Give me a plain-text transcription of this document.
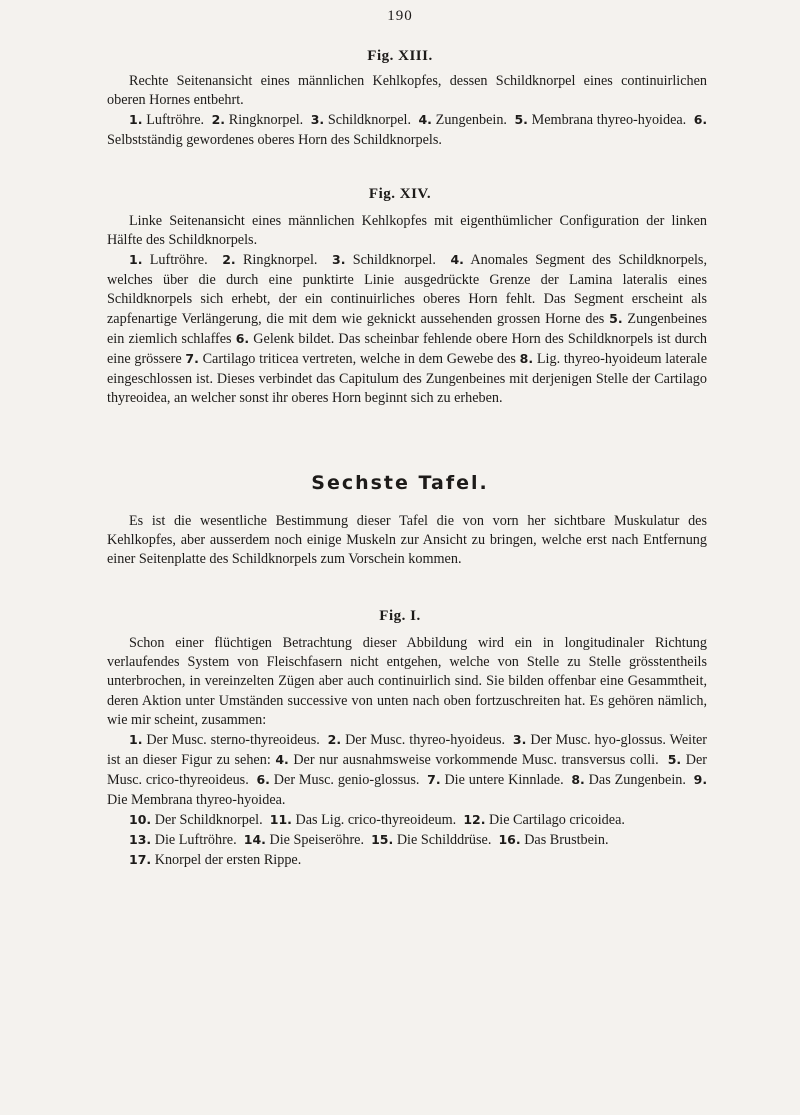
190
Fig. XIII.

Rechte Seitenansicht eines männlichen Kehlkopfes, dessen Schildknorpel eines continuirlichen oberen Hornes entbehrt.

1. Luftröhre. 2. Ringknorpel. 3. Schildknorpel. 4. Zungenbein. 5. Membrana thyreo-hyoidea. 6. Selbstständig gewordenes oberes Horn des Schildknorpels.

Fig. XIV.

Linke Seitenansicht eines männlichen Kehlkopfes mit eigenthümlicher Configuration der linken Hälfte des Schildknorpels.

1. Luftröhre. 2. Ringknorpel. 3. Schildknorpel. 4. Anomales Segment des Schildknorpels, welches über die durch eine punktirte Linie ausgedrückte Grenze der Lamina lateralis eines Schildknorpels sich erhebt, der ein continuirliches oberes Horn fehlt. Das Segment erscheint als zapfenartige Verlängerung, die mit dem wie geknickt aussehenden grossen Horne des 5. Zungenbeines ein ziemlich schlaffes 6. Gelenk bildet. Das scheinbar fehlende obere Horn des Schildknorpels ist durch eine grössere 7. Cartilago triticea vertreten, welche in dem Gewebe des 8. Lig. thyreo-hyoideum laterale eingeschlossen ist. Dieses verbindet das Capitulum des Zungenbeines mit derjenigen Stelle der Cartilago thyreoidea, an welcher sonst ihr oberes Horn beginnt sich zu erheben.

Sechste Tafel.

Es ist die wesentliche Bestimmung dieser Tafel die von vorn her sichtbare Muskulatur des Kehlkopfes, aber ausserdem noch einige Muskeln zur Ansicht zu bringen, welche erst nach Entfernung einer Seitenplatte des Schildknorpels zum Vorschein kommen.

Fig. I.

Schon einer flüchtigen Betrachtung dieser Abbildung wird ein in longitudinaler Richtung verlaufendes System von Fleischfasern nicht entgehen, welche von Stelle zu Stelle grösstentheils unterbrochen, in vereinzelten Zügen aber auch continuirlich sind. Sie bilden offenbar eine Gesammtheit, deren Aktion unter Umständen successive von unten nach oben fortzuschreiten hat. Es gehören nämlich, wie mir scheint, zusammen:

1. Der Musc. sterno-thyreoideus. 2. Der Musc. thyreo-hyoideus. 3. Der Musc. hyo-glossus. Weiter ist an dieser Figur zu sehen: 4. Der nur ausnahmsweise vorkommende Musc. transversus colli. 5. Der Musc. crico-thyreoideus. 6. Der Musc. genio-glossus. 7. Die untere Kinnlade. 8. Das Zungenbein. 9. Die Membrana thyreo-hyoidea.
10. Der Schildknorpel. 11. Das Lig. crico-thyreoideum. 12. Die Cartilago cricoidea.
13. Die Luftröhre. 14. Die Speiseröhre. 15. Die Schilddrüse. 16. Das Brustbein.
17. Knorpel der ersten Rippe.
